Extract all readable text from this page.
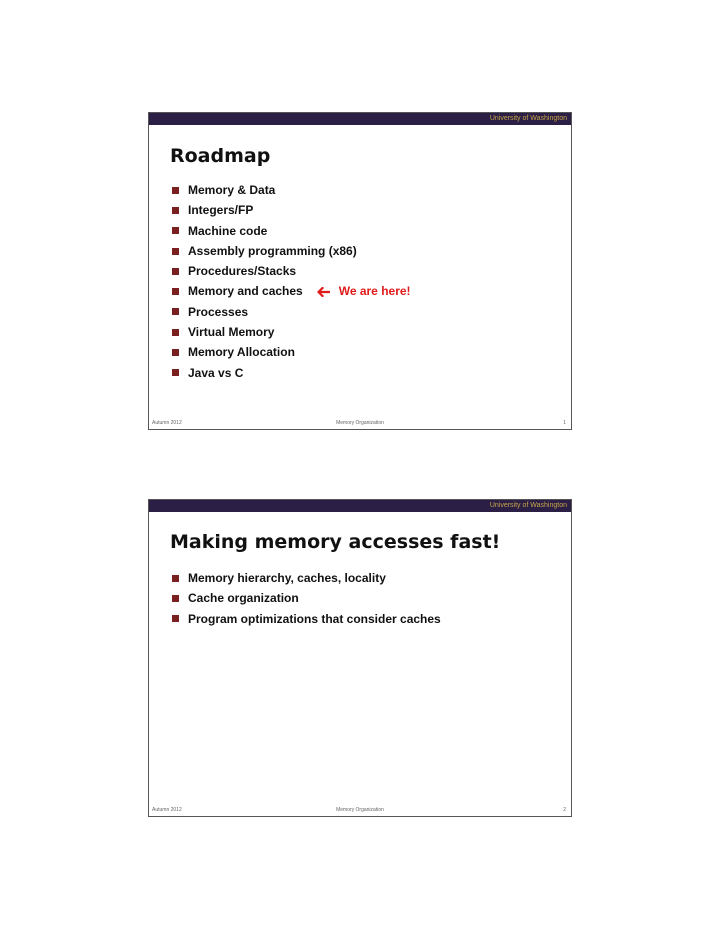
University of Washington
Roadmap
Memory & Data
Integers/FP
Machine code
Assembly programming (x86)
Procedures/Stacks
Memory and caches	We are here!
Processes
Virtual Memory
Memory Allocation
Java vs C
Autumn 2012	Memory Organization	1
University of Washington
Making memory accesses fast!
Memory hierarchy, caches, locality
Cache organization
Program optimizations that consider caches
Autumn 2012	Memory Organization	2
